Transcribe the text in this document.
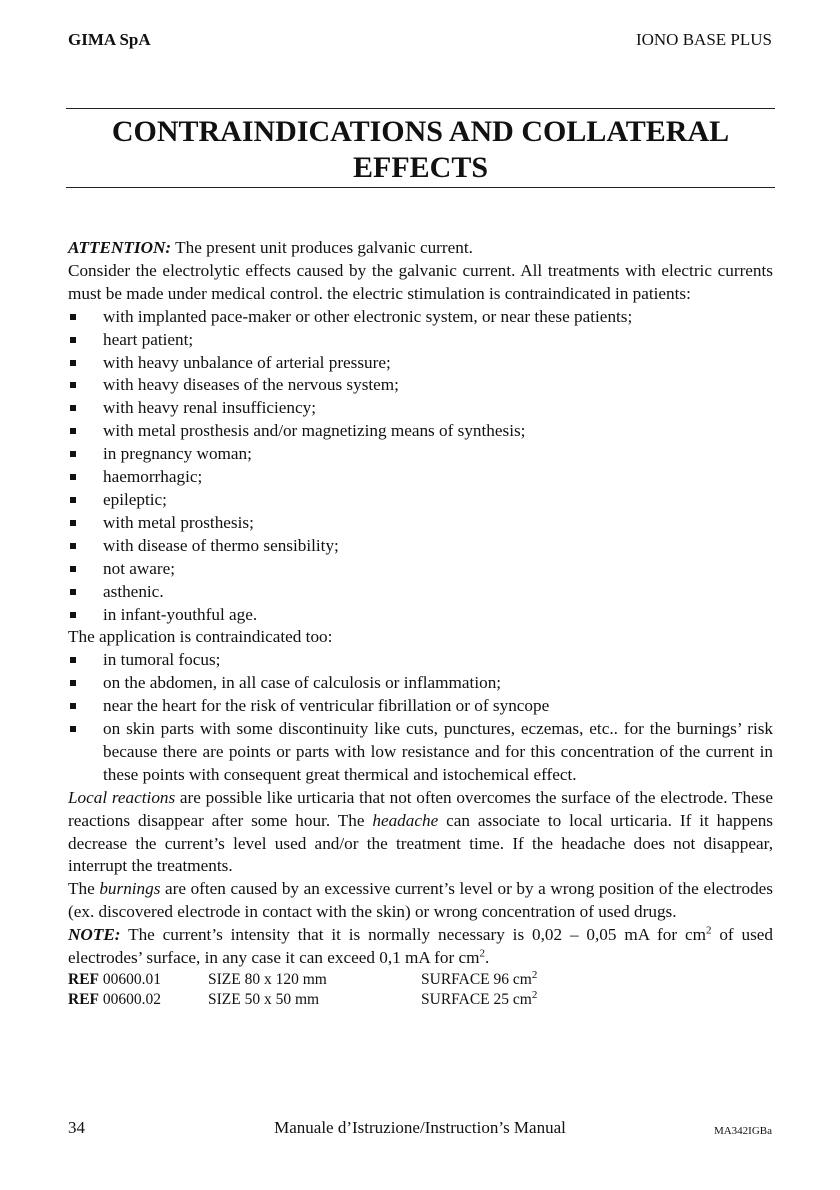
GIMA SpA	IONO BASE PLUS
CONTRAINDICATIONS AND COLLATERAL
EFFECTS

ATTENTION: The present unit produces galvanic current.

Consider the electrolytic effects caused by the galvanic current. All treatments with electric currents must be made under medical control. the electric stimulation is contraindicated in patients:

with implanted pace-maker or other electronic system, or near these patients;
heart patient;
with heavy unbalance of arterial pressure;
with heavy diseases of the nervous system;
with heavy renal insufficiency;
with metal prosthesis and/or magnetizing means of synthesis;
in pregnancy woman;
haemorrhagic;
epileptic;
with metal prosthesis;
with disease of thermo sensibility;
not aware;
asthenic.
in infant-youthful age.

The application is contraindicated too:

in tumoral focus;
on the abdomen, in all case of calculosis or inflammation;
near the heart for the risk of ventricular fibrillation or of syncope
on skin parts with some discontinuity like cuts, punctures, eczemas, etc.. for the burnings’ risk because there are points or parts with low resistance and for this concentration of the current in these points with consequent great thermical and istochemical effect.

Local reactions are possible like urticaria that not often overcomes the surface of the electrode. These reactions disappear after some hour. The headache can associate to local urticaria. If it happens decrease the current’s level used and/or the treatment time. If the headache does not disappear, interrupt the treatments.

The burnings are often caused by an excessive current’s level or by a wrong position of the electrodes (ex. discovered electrode in contact with the skin) or wrong concentration of used drugs.

NOTE: The current’s intensity that it is normally necessary is 0,02 – 0,05 mA for $cm^2$ of used electrodes’ surface, in any case it can exceed 0,1 mA for $cm^2$.

REF 00600.01	SIZE 80 x 120 mm	SURFACE 96 $cm^2$
REF 00600.02	SIZE 50 x 50 mm	SURFACE 25 $cm^2$
34	Manuale d’Istruzione/Instruction’s Manual	MA342IGBa
